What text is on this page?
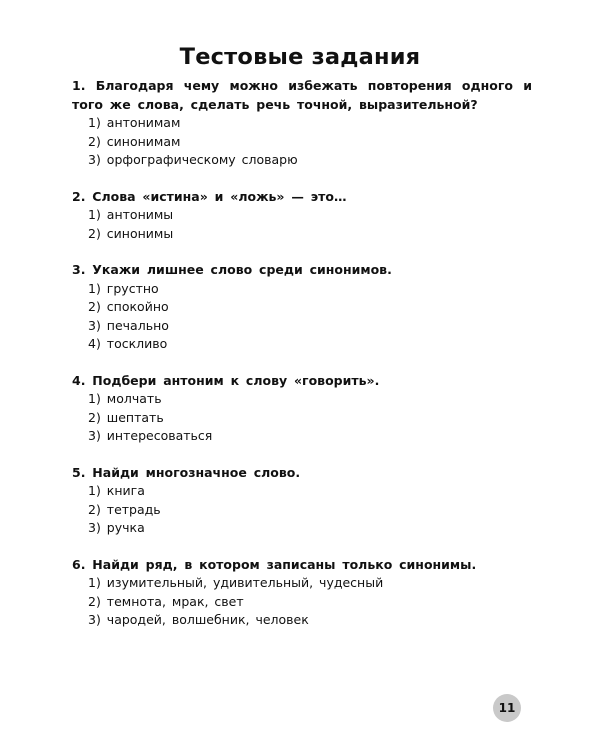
Тестовые задания
1. Благодаря чему можно избежать повторения одного и того же слова, сделать речь точной, выразительной?
1) антонимам
2) синонимам
3) орфографическому словарю
2. Слова «истина» и «ложь» — это…
1) антонимы
2) синонимы
3. Укажи лишнее слово среди синонимов.
1) грустно
2) спокойно
3) печально
4) тоскливо
4. Подбери антоним к слову «говорить».
1) молчать
2) шептать
3) интересоваться
5. Найди многозначное слово.
1) книга
2) тетрадь
3) ручка
6. Найди ряд, в котором записаны только синонимы.
1) изумительный, удивительный, чудесный
2) темнота, мрак, свет
3) чародей, волшебник, человек
11
